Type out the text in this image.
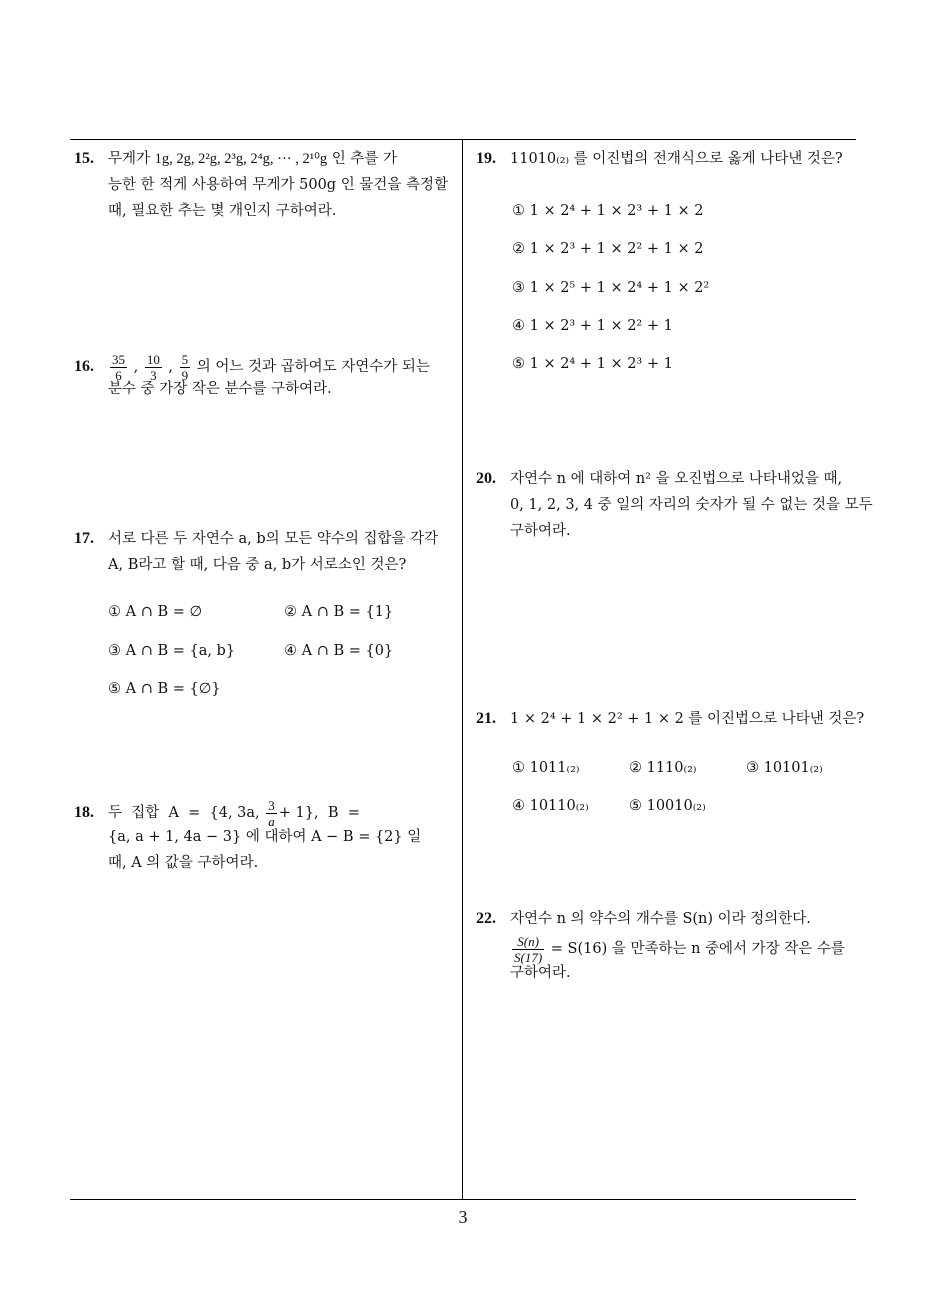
15. 무게가 1g, 2g, 2²g, 2³g, 2⁴g, ··· , 2¹⁰g 인 추를 가
능한 한 적게 사용하여 무게가 500g 인 물건을 측정할
때, 필요한 추는 몇 개인지 구하여라.
16. $\frac{35}{6}$ , $\frac{10}{3}$ , $\frac{5}{9}$ 의 어느 것과 곱하여도 자연수가 되는
분수 중 가장 작은 분수를 구하여라.
17. 서로 다른 두 자연수 a, b의 모든 약수의 집합을 각각
A, B라고 할 때, 다음 중 a, b가 서로소인 것은?
① A ∩ B = ∅	② A ∩ B = {1}
③ A ∩ B = {a, b}	④ A ∩ B = {0}
⑤ A ∩ B = {∅}
18. 두  집합  A  =  {4, 3a, $\frac{3}{a} + 1$},  B  =
{a, a + 1, 4a − 3} 에 대하여 A − B = {2} 일
때, A 의 값을 구하여라.
19. 11010₍₂₎ 를 이진법의 전개식으로 옳게 나타낸 것은?
① 1 × 2⁴ + 1 × 2³ + 1 × 2
② 1 × 2³ + 1 × 2² + 1 × 2
③ 1 × 2⁵ + 1 × 2⁴ + 1 × 2²
④ 1 × 2³ + 1 × 2² + 1
⑤ 1 × 2⁴ + 1 × 2³ + 1
20. 자연수 n 에 대하여 n² 을 오진법으로 나타내었을 때,
0, 1, 2, 3, 4 중 일의 자리의 숫자가 될 수 없는 것을 모두
구하여라.
21. 1 × 2⁴ + 1 × 2² + 1 × 2 를 이진법으로 나타낸 것은?
① 1011₍₂₎	② 1110₍₂₎	③ 10101₍₂₎
④ 10110₍₂₎	⑤ 10010₍₂₎
22. 자연수 n 의 약수의 개수를 S(n) 이라 정의한다.
$\frac{S(n)}{S(17)} = S(16)$ 을 만족하는 n 중에서 가장 작은 수를
구하여라.
3
